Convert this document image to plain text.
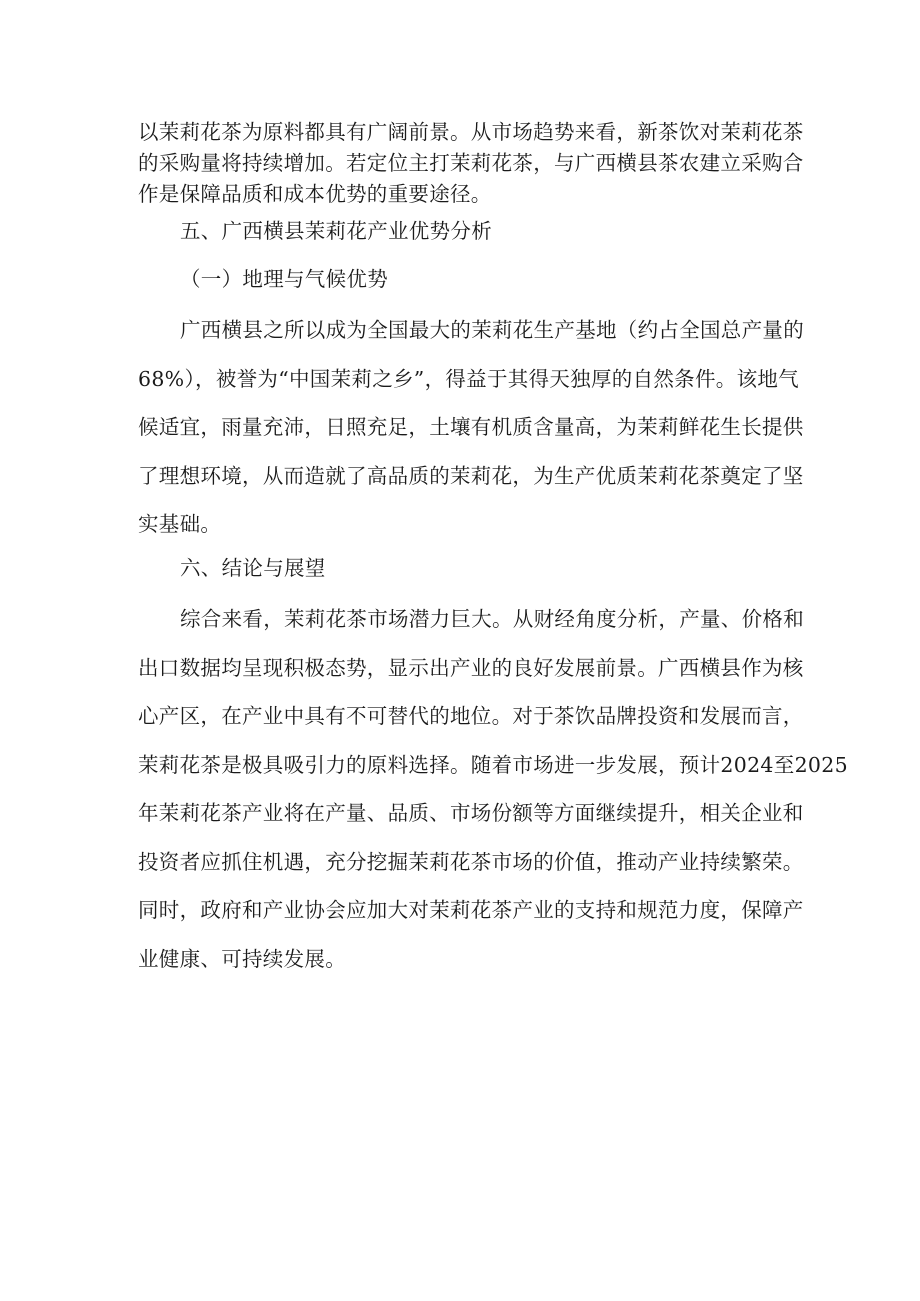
以茉莉花茶为原料都具有广阔前景。从市场趋势来看，新茶饮对茉莉花茶
的采购量将持续增加。若定位主打茉莉花茶，与广西横县茶农建立采购合
作是保障品质和成本优势的重要途径。
五、广西横县茉莉花产业优势分析
（一）地理与气候优势
广西横县之所以成为全国最大的茉莉花生产基地（约占全国总产量的
68%），被誉为“中国茉莉之乡”，得益于其得天独厚的自然条件。该地气
候适宜，雨量充沛，日照充足，土壤有机质含量高，为茉莉鲜花生长提供
了理想环境，从而造就了高品质的茉莉花，为生产优质茉莉花茶奠定了坚
实基础。
六、结论与展望
综合来看，茉莉花茶市场潜力巨大。从财经角度分析，产量、价格和
出口数据均呈现积极态势，显示出产业的良好发展前景。广西横县作为核
心产区，在产业中具有不可替代的地位。对于茶饮品牌投资和发展而言，
茉莉花茶是极具吸引力的原料选择。随着市场进一步发展，预计2024至2025
年茉莉花茶产业将在产量、品质、市场份额等方面继续提升，相关企业和
投资者应抓住机遇，充分挖掘茉莉花茶市场的价值，推动产业持续繁荣。
同时，政府和产业协会应加大对茉莉花茶产业的支持和规范力度，保障产
业健康、可持续发展。
